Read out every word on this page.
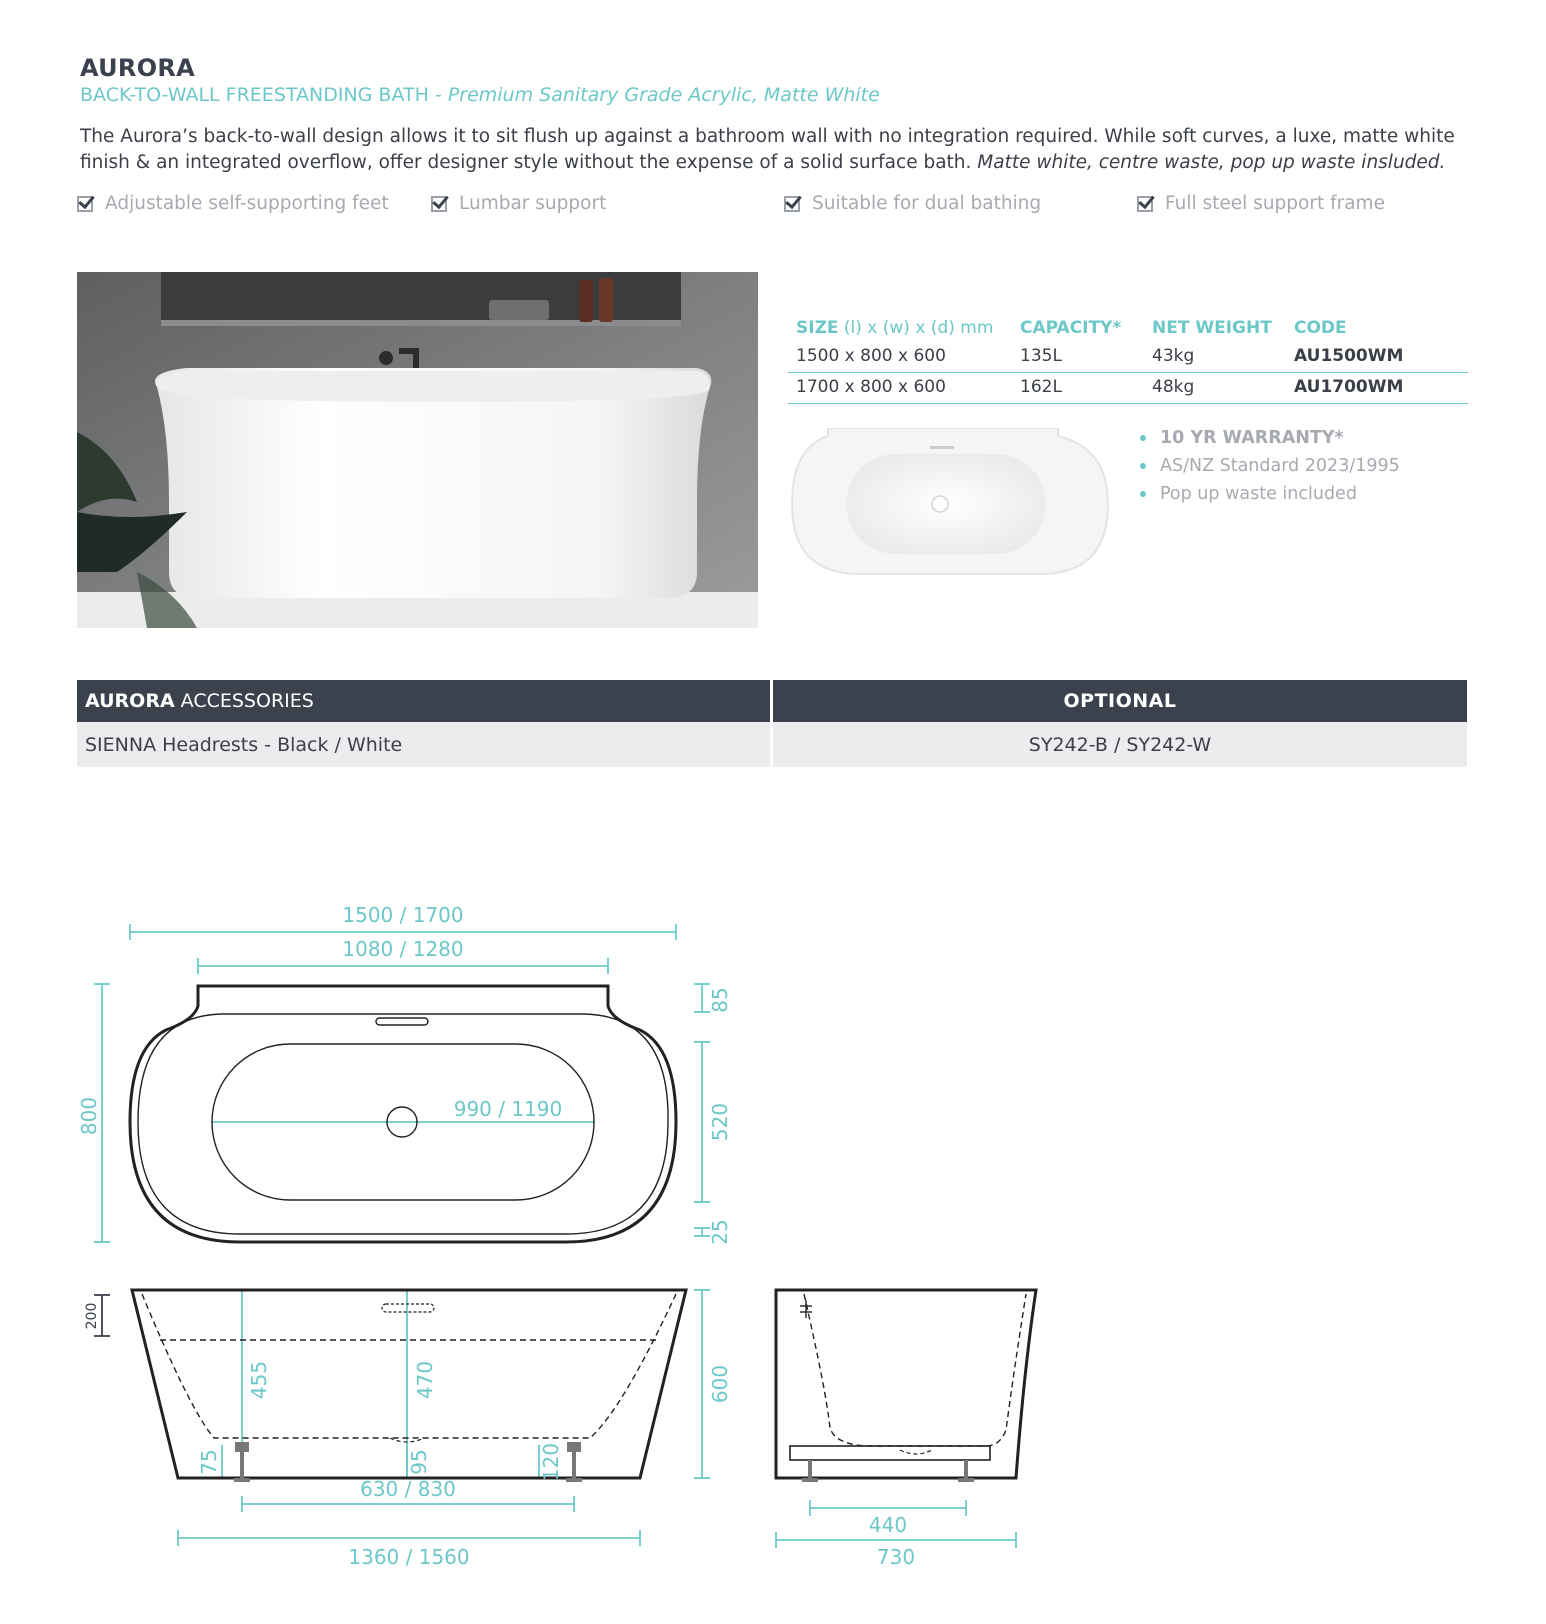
AURORA
BACK-TO-WALL FREESTANDING BATH - Premium Sanitary Grade Acrylic, Matte White
The Aurora’s back-to-wall design allows it to sit flush up against a bathroom wall with no integration required. While soft curves, a luxe, matte white finish & an integrated overflow, offer designer style without the expense of a solid surface bath. Matte white, centre waste, pop up waste insluded.
Adjustable self-supporting feet	Lumbar support	Suitable for dual bathing	Full steel support frame
SIZE (l) x (w) x (d) mm	CAPACITY*	NET WEIGHT	CODE
1500 x 800 x 600	135L	43kg	AU1500WM
1700 x 800 x 600	162L	48kg	AU1700WM
10 YR WARRANTY*
AS/NZ Standard 2023/1995
Pop up waste included
AURORA ACCESSORIES	OPTIONAL
SIENNA Headrests - Black / White	SY242-B / SY242-W
1500 / 1700
1080 / 1280
990 / 1190
800
85
520
25
200
455	470	600
75	95	120
630 / 830
1360 / 1560
440
730
